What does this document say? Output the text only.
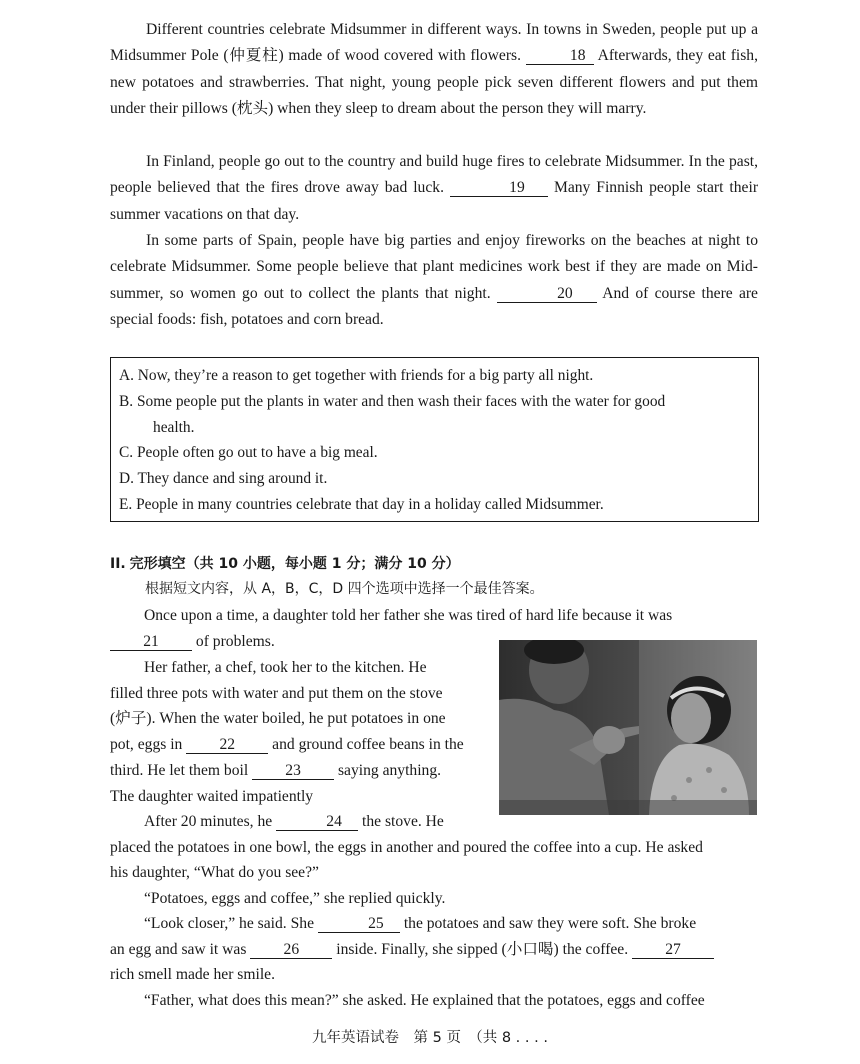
Different countries celebrate Midsummer in different ways. In towns in Sweden, people put up a Midsummer Pole (仲夏柱) made of wood covered with flowers.	18 Afterwards, they eat fish, new potatoes and strawberries. That night, young people pick seven different flowers and put them under their pillows (枕头) when they sleep to dream about the person they will marry.

In Finland, people go out to the country and build huge fires to celebrate Midsummer. In the past, people believed that the fires drove away bad luck.	19 Many Finnish people start their summer vacations on that day.

In some parts of Spain, people have big parties and enjoy fireworks on the beaches at night to celebrate Midsummer. Some people believe that plant medicines work best if they are made on Mid-summer, so women go out to collect the plants that night.	20 And of course there are special foods: fish, potatoes and corn bread.

A. Now, they’re a reason to get together with friends for a big party all night.
B. Some people put the plants in water and then wash their faces with the water for good
health.
C. People often go out to have a big meal.
D. They dance and sing around it.
E. People in many countries celebrate that day in a holiday called Midsummer.
II. 完形填空（共 10 小题，每小题 1 分；满分 10 分）
根据短文内容，从 A，B，C，D 四个选项中选择一个最佳答案。

Once upon a time, a daughter told her father she was tired of hard life because it was

21 of problems.

Her father, a chef, took her to the kitchen. He

filled three pots with water and put them on the stove

(炉子). When the water boiled, he put potatoes in one

pot, eggs in 22 and ground coffee beans in the

third. He let them boil 23 saying anything.

The daughter waited impatiently

After 20 minutes, he	24 the stove. He

placed the potatoes in one bowl, the eggs in another and poured the coffee into a cup. He asked

his daughter, “What do you see?”

“Potatoes, eggs and coffee,” she replied quickly.

“Look closer,” he said. She	25 the potatoes and saw they were soft. She broke

an egg and saw it was 26 inside. Finally, she sipped (小口喝) the coffee. 27

rich smell made her smile.

“Father, what does this mean?” she asked. He explained that the potatoes, eggs and coffee

九年英语试卷　第 5 页　（共 8 . . . .
